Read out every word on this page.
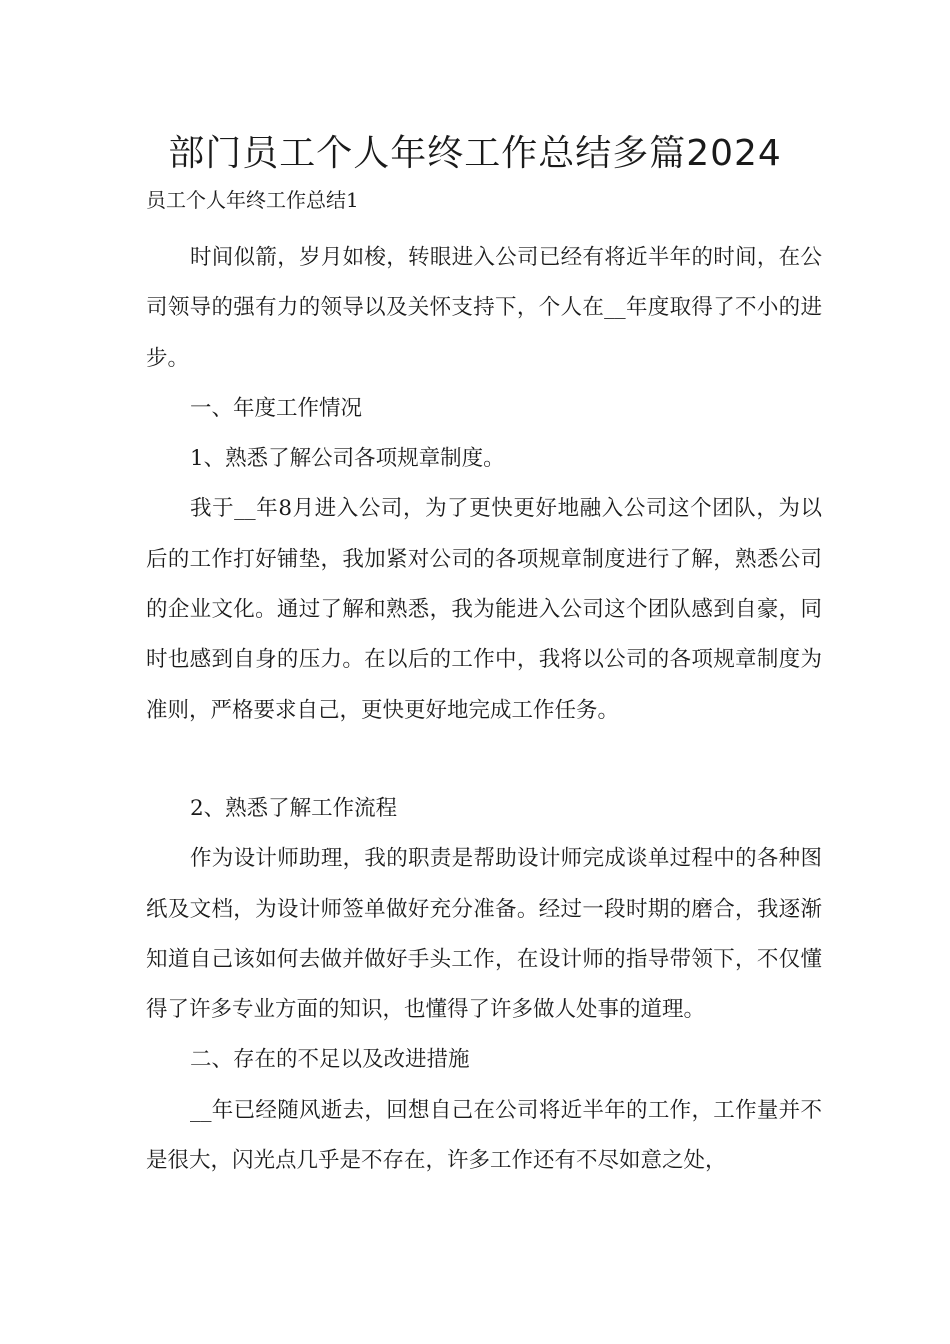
部门员工个人年终工作总结多篇2024
员工个人年终工作总结1

时间似箭，岁月如梭，转眼进入公司已经有将近半年的时间，在公司领导的强有力的领导以及关怀支持下，个人在__年度取得了不小的进步。

一、年度工作情况

1、熟悉了解公司各项规章制度。

我于__年8月进入公司，为了更快更好地融入公司这个团队，为以后的工作打好铺垫，我加紧对公司的各项规章制度进行了解，熟悉公司的企业文化。通过了解和熟悉，我为能进入公司这个团队感到自豪，同时也感到自身的压力。在以后的工作中，我将以公司的各项规章制度为准则，严格要求自己，更快更好地完成工作任务。

2、熟悉了解工作流程

作为设计师助理，我的职责是帮助设计师完成谈单过程中的各种图纸及文档，为设计师签单做好充分准备。经过一段时期的磨合，我逐渐知道自己该如何去做并做好手头工作，在设计师的指导带领下，不仅懂得了许多专业方面的知识，也懂得了许多做人处事的道理。

二、存在的不足以及改进措施

__年已经随风逝去，回想自己在公司将近半年的工作，工作量并不是很大，闪光点几乎是不存在，许多工作还有不尽如意之处，
